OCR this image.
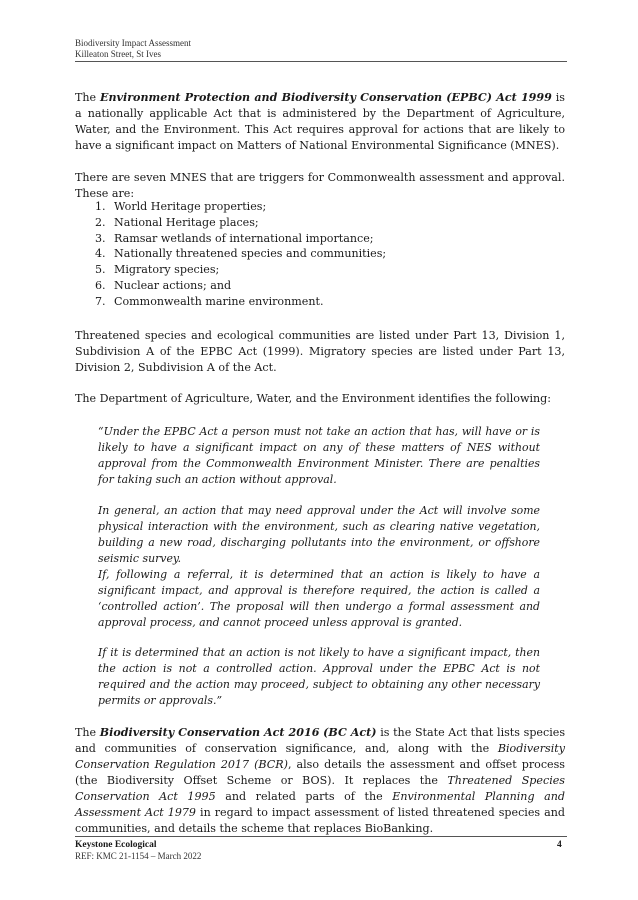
Biodiversity Impact Assessment
Killeaton Street, St Ives

The Environment Protection and Biodiversity Conservation (EPBC) Act 1999 is a nationally applicable Act that is administered by the Department of Agriculture, Water, and the Environment. This Act requires approval for actions that are likely to have a significant impact on Matters of National Environmental Significance (MNES).

There are seven MNES that are triggers for Commonwealth assessment and approval. These are:

1. World Heritage properties;
2. National Heritage places;
3. Ramsar wetlands of international importance;
4. Nationally threatened species and communities;
5. Migratory species;
6. Nuclear actions; and
7. Commonwealth marine environment.

Threatened species and ecological communities are listed under Part 13, Division 1, Subdivision A of the EPBC Act (1999). Migratory species are listed under Part 13, Division 2, Subdivision A of the Act.

The Department of Agriculture, Water, and the Environment identifies the following:

“Under the EPBC Act a person must not take an action that has, will have or is likely to have a significant impact on any of these matters of NES without approval from the Commonwealth Environment Minister. There are penalties for taking such an action without approval.

In general, an action that may need approval under the Act will involve some physical interaction with the environment, such as clearing native vegetation, building a new road, discharging pollutants into the environment, or offshore seismic survey.

If, following a referral, it is determined that an action is likely to have a significant impact, and approval is therefore required, the action is called a ‘controlled action’. The proposal will then undergo a formal assessment and approval process, and cannot proceed unless approval is granted.

If it is determined that an action is not likely to have a significant impact, then the action is not a controlled action. Approval under the EPBC Act is not required and the action may proceed, subject to obtaining any other necessary permits or approvals.”

The Biodiversity Conservation Act 2016 (BC Act) is the State Act that lists species and communities of conservation significance, and, along with the Biodiversity Conservation Regulation 2017 (BCR), also details the assessment and offset process (the Biodiversity Offset Scheme or BOS). It replaces the Threatened Species Conservation Act 1995 and related parts of the Environmental Planning and Assessment Act 1979 in regard to impact assessment of listed threatened species and communities, and details the scheme that replaces BioBanking.

Keystone Ecological
REF: KMC 21-1154 – March 2022
4
